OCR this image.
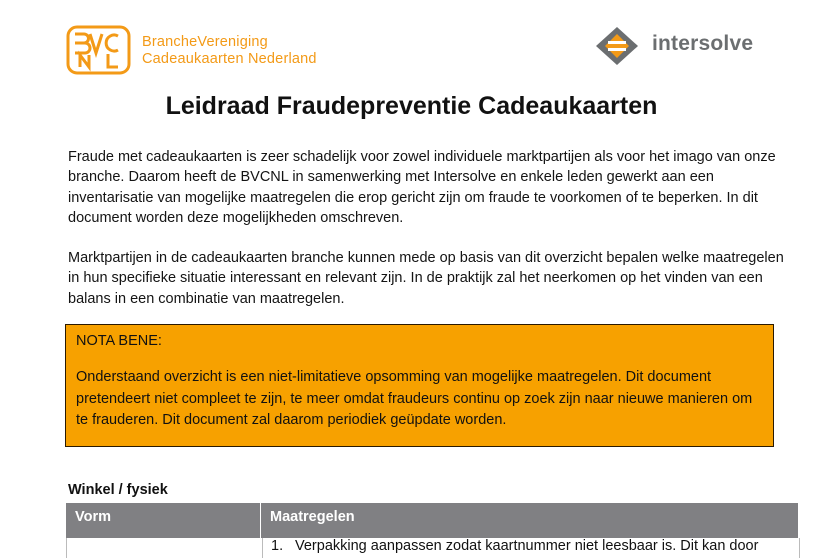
BrancheVereniging
Cadeaukaarten Nederland
intersolve
Leidraad Fraudepreventie Cadeaukaarten

Fraude met cadeaukaarten is zeer schadelijk voor zowel individuele marktpartijen als voor het imago van onze branche. Daarom heeft de BVCNL in samenwerking met Intersolve en enkele leden gewerkt aan een inventarisatie van mogelijke maatregelen die erop gericht zijn om fraude te voorkomen of te beperken. In dit document worden deze mogelijkheden omschreven.

Marktpartijen in de cadeaukaarten branche kunnen mede op basis van dit overzicht bepalen welke maatregelen in hun specifieke situatie interessant en relevant zijn. In de praktijk zal het neerkomen op het vinden van een balans in een combinatie van maatregelen.

NOTA BENE:

Onderstaand overzicht is een niet-limitatieve opsomming van mogelijke maatregelen. Dit document pretendeert niet compleet te zijn, te meer omdat fraudeurs continu op zoek zijn naar nieuwe manieren om te frauderen. Dit document zal daarom periodiek geüpdate worden.

Winkel / fysiek
Vorm	Maatregelen
1. Verpakking aanpassen zodat kaartnummer niet leesbaar is. Dit kan door
